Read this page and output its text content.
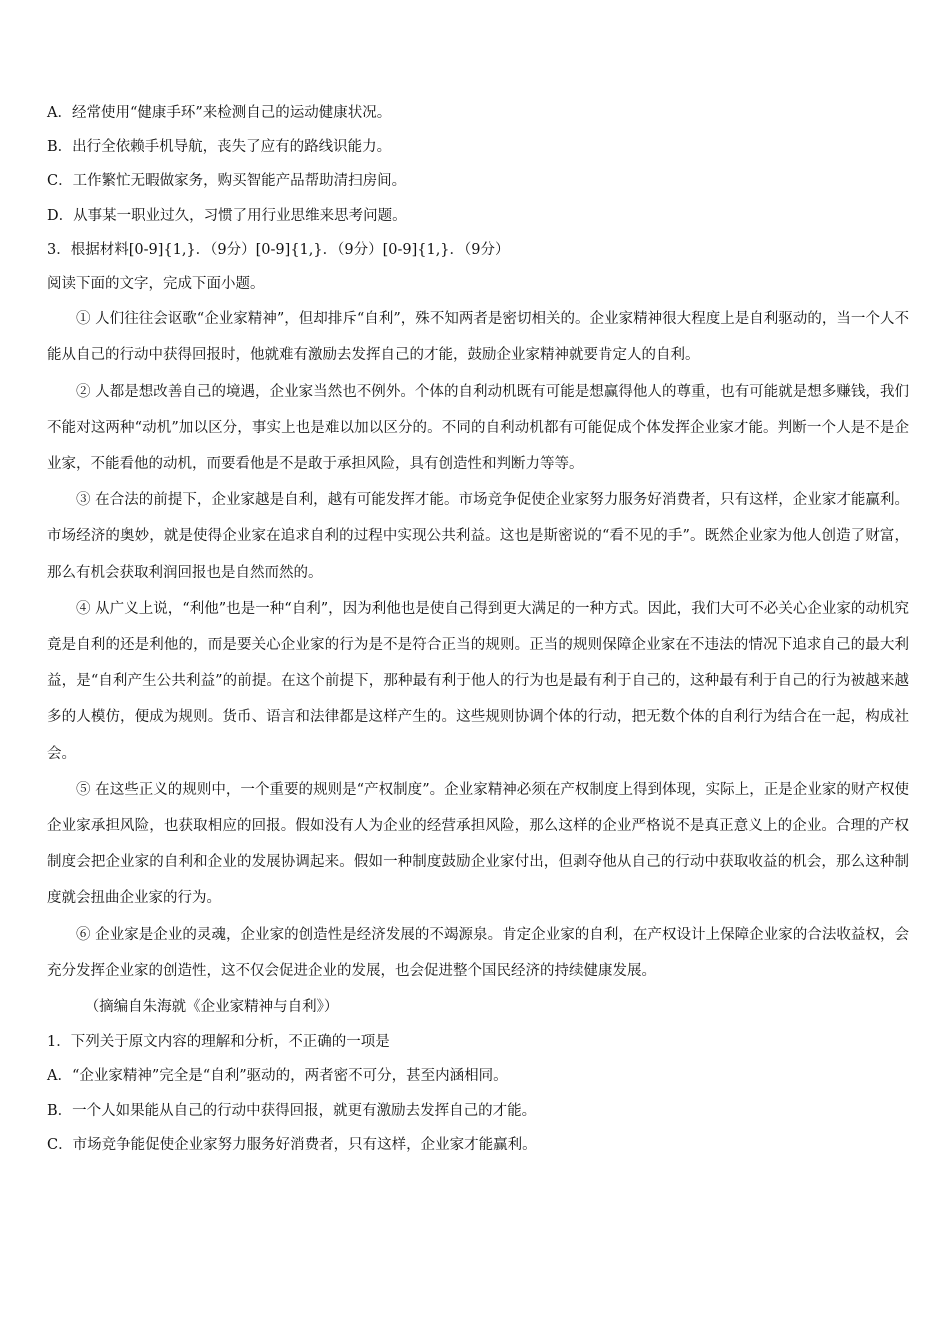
A．经常使用“健康手环”来检测自己的运动健康状况。

B．出行全依赖手机导航，丧失了应有的路线识能力。

C．工作繁忙无暇做家务，购买智能产品帮助清扫房间。

D．从事某一职业过久，习惯了用行业思维来思考问题。

3．根据材料[0-9]{1,}．（9分）[0-9]{1,}．（9分）[0-9]{1,}．（9分）

阅读下面的文字，完成下面小题。

① 人们往往会讴歌“企业家精神”，但却排斥“自利”，殊不知两者是密切相关的。企业家精神很大程度上是自利驱动的，当一个人不能从自己的行动中获得回报时，他就难有激励去发挥自己的才能，鼓励企业家精神就要肯定人的自利。

② 人都是想改善自己的境遇，企业家当然也不例外。个体的自利动机既有可能是想赢得他人的尊重，也有可能就是想多赚钱，我们不能对这两种“动机”加以区分，事实上也是难以加以区分的。不同的自利动机都有可能促成个体发挥企业家才能。判断一个人是不是企业家，不能看他的动机，而要看他是不是敢于承担风险，具有创造性和判断力等等。

③ 在合法的前提下，企业家越是自利，越有可能发挥才能。市场竞争促使企业家努力服务好消费者，只有这样，企业家才能赢利。市场经济的奥妙，就是使得企业家在追求自利的过程中实现公共利益。这也是斯密说的“看不见的手”。既然企业家为他人创造了财富，那么有机会获取利润回报也是自然而然的。

④ 从广义上说，“利他”也是一种“自利”，因为利他也是使自己得到更大满足的一种方式。因此，我们大可不必关心企业家的动机究竟是自利的还是利他的，而是要关心企业家的行为是不是符合正当的规则。正当的规则保障企业家在不违法的情况下追求自己的最大利益，是“自利产生公共利益”的前提。在这个前提下，那种最有利于他人的行为也是最有利于自己的，这种最有利于自己的行为被越来越多的人模仿，便成为规则。货币、语言和法律都是这样产生的。这些规则协调个体的行动，把无数个体的自利行为结合在一起，构成社会。

⑤ 在这些正义的规则中，一个重要的规则是“产权制度”。企业家精神必须在产权制度上得到体现，实际上，正是企业家的财产权使企业家承担风险，也获取相应的回报。假如没有人为企业的经营承担风险，那么这样的企业严格说不是真正意义上的企业。合理的产权制度会把企业家的自利和企业的发展协调起来。假如一种制度鼓励企业家付出，但剥夺他从自己的行动中获取收益的机会，那么这种制度就会扭曲企业家的行为。

⑥ 企业家是企业的灵魂，企业家的创造性是经济发展的不竭源泉。肯定企业家的自利，在产权设计上保障企业家的合法收益权，会充分发挥企业家的创造性，这不仅会促进企业的发展，也会促进整个国民经济的持续健康发展。

（摘编自朱海就《企业家精神与自利》）

1．下列关于原文内容的理解和分析，不正确的一项是

A．“企业家精神”完全是“自利”驱动的，两者密不可分，甚至内涵相同。

B．一个人如果能从自己的行动中获得回报，就更有激励去发挥自己的才能。

C．市场竞争能促使企业家努力服务好消费者，只有这样，企业家才能赢利。
